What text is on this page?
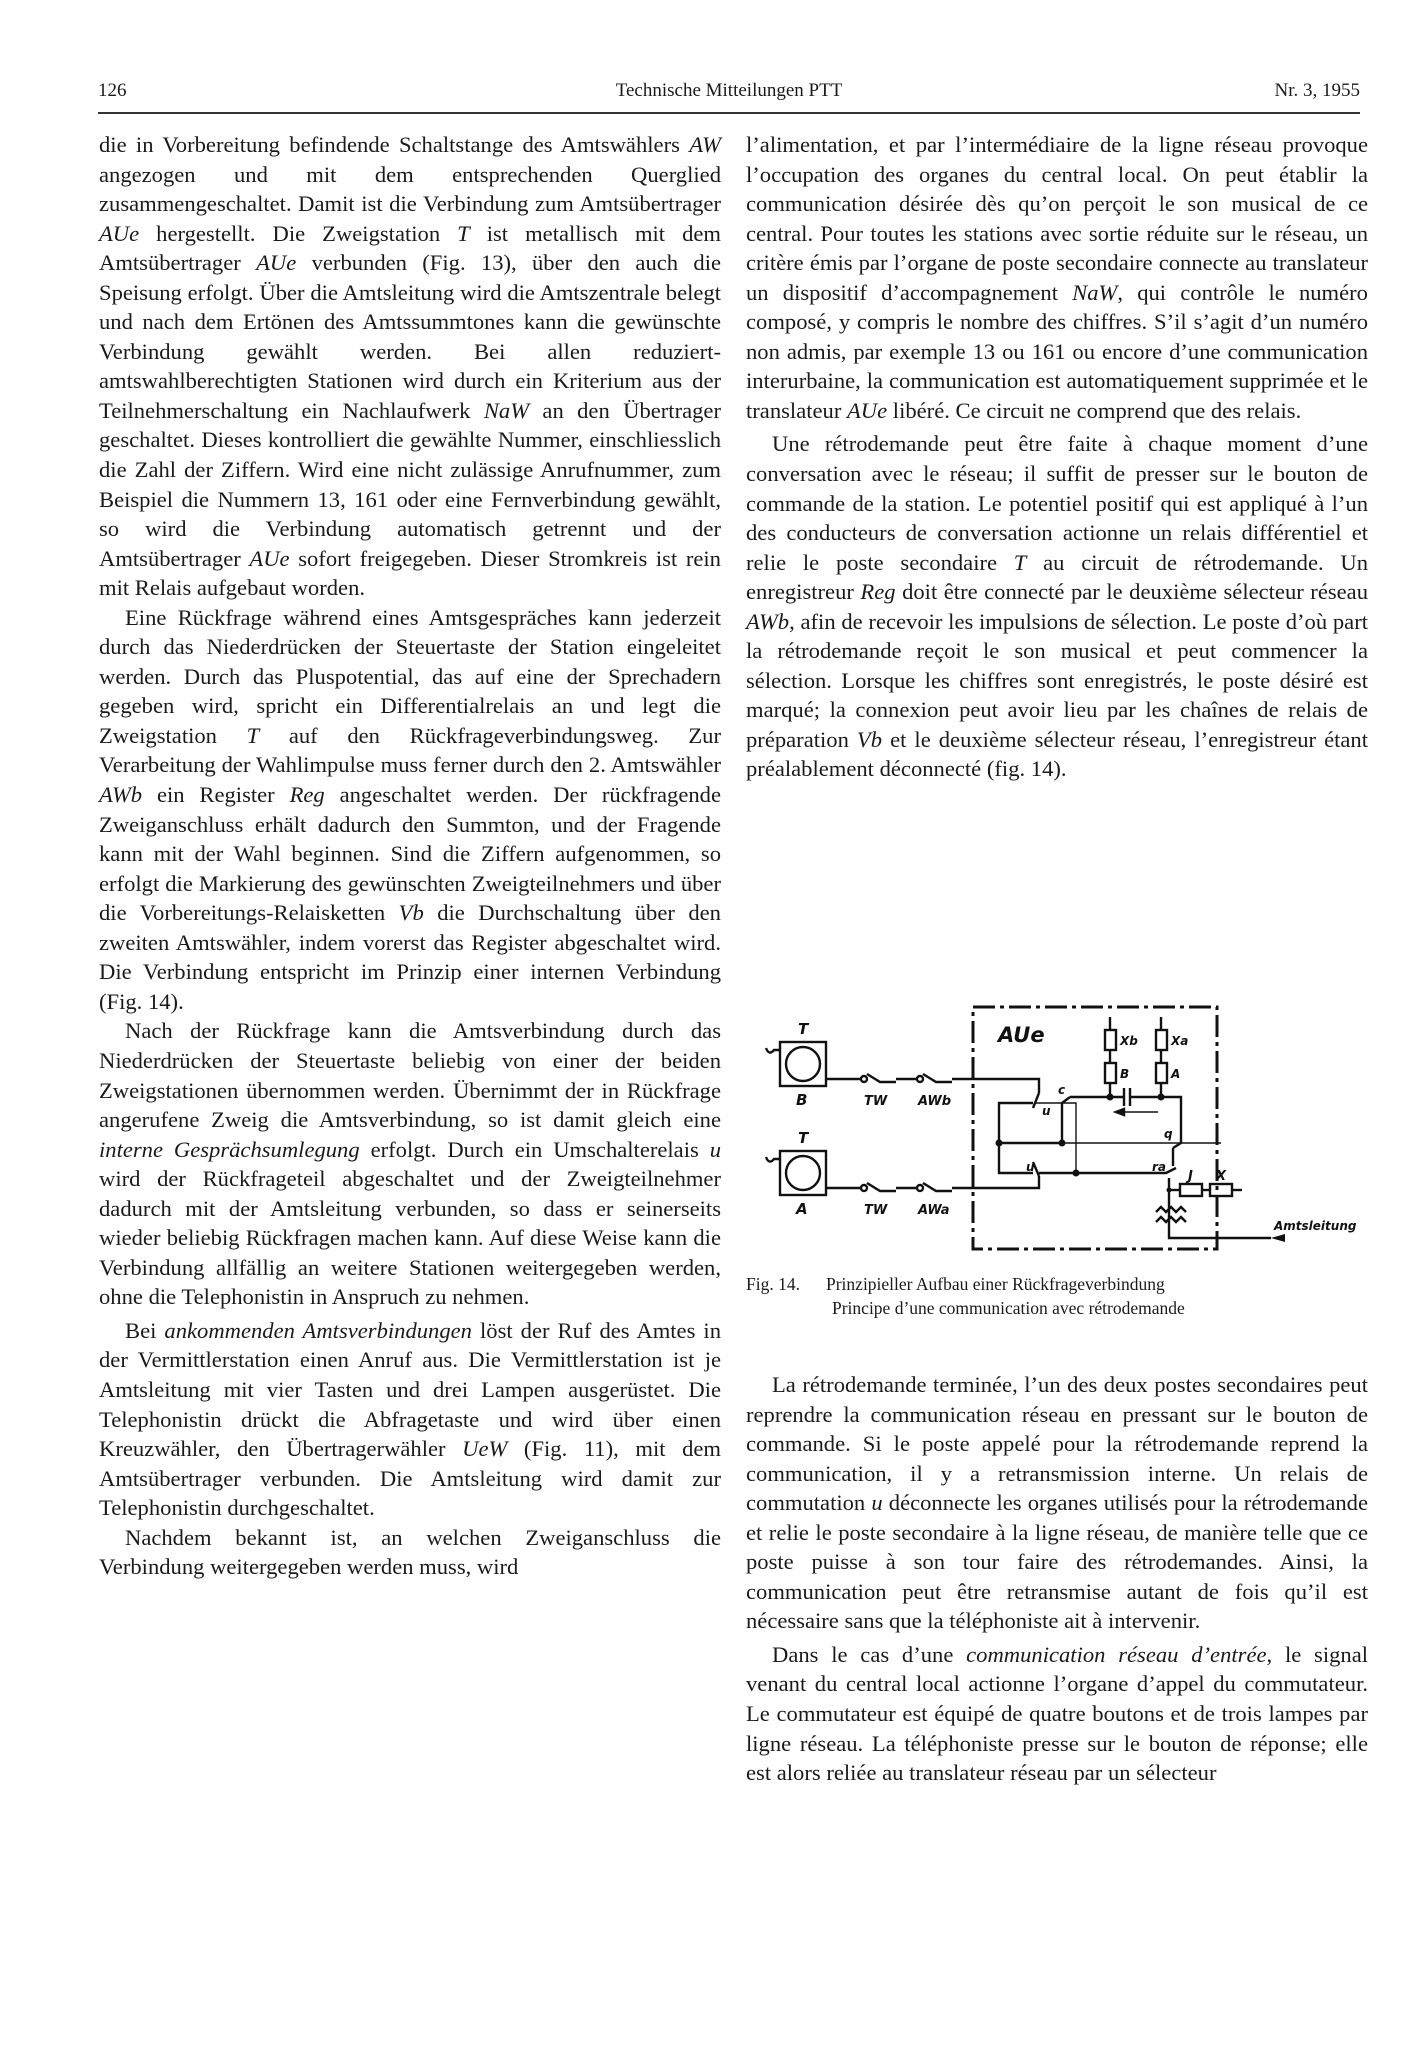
126	Technische Mitteilungen PTT	Nr. 3, 1955

die in Vorbereitung befindende Schaltstange des Amtswählers AW angezogen und mit dem entsprechenden Querglied zusammengeschaltet. Damit ist die Verbindung zum Amtsübertrager AUe hergestellt. Die Zweigstation T ist metallisch mit dem Amtsübertrager AUe verbunden (Fig. 13), über den auch die Speisung erfolgt. Über die Amtsleitung wird die Amtszentrale belegt und nach dem Ertönen des Amtssummtones kann die gewünschte Verbindung gewählt werden. Bei allen reduziert-amtswahlberechtigten Stationen wird durch ein Kriterium aus der Teilnehmerschaltung ein Nachlaufwerk NaW an den Übertrager geschaltet. Dieses kontrolliert die gewählte Nummer, einschliesslich die Zahl der Ziffern. Wird eine nicht zulässige Anrufnummer, zum Beispiel die Nummern 13, 161 oder eine Fernverbindung gewählt, so wird die Verbindung automatisch getrennt und der Amtsübertrager AUe sofort freigegeben. Dieser Stromkreis ist rein mit Relais aufgebaut worden.

Eine Rückfrage während eines Amtsgespräches kann jederzeit durch das Niederdrücken der Steuertaste der Station eingeleitet werden. Durch das Pluspotential, das auf eine der Sprechadern gegeben wird, spricht ein Differentialrelais an und legt die Zweigstation T auf den Rückfrageverbindungsweg. Zur Verarbeitung der Wahlimpulse muss ferner durch den 2. Amtswähler AWb ein Register Reg angeschaltet werden. Der rückfragende Zweiganschluss erhält dadurch den Summton, und der Fragende kann mit der Wahl beginnen. Sind die Ziffern aufgenommen, so erfolgt die Markierung des gewünschten Zweigteilnehmers und über die Vorbereitungs-Relaisketten Vb die Durchschaltung über den zweiten Amtswähler, indem vorerst das Register abgeschaltet wird. Die Verbindung entspricht im Prinzip einer internen Verbindung (Fig. 14).

Nach der Rückfrage kann die Amtsverbindung durch das Niederdrücken der Steuertaste beliebig von einer der beiden Zweigstationen übernommen werden. Übernimmt der in Rückfrage angerufene Zweig die Amtsverbindung, so ist damit gleich eine interne Gesprächsumlegung erfolgt. Durch ein Umschalterelais u wird der Rückfrageteil abgeschaltet und der Zweigteilnehmer dadurch mit der Amtsleitung verbunden, so dass er seinerseits wieder beliebig Rückfragen machen kann. Auf diese Weise kann die Verbindung allfällig an weitere Stationen weitergegeben werden, ohne die Telephonistin in Anspruch zu nehmen.

Bei ankommenden Amtsverbindungen löst der Ruf des Amtes in der Vermittlerstation einen Anruf aus. Die Vermittlerstation ist je Amtsleitung mit vier Tasten und drei Lampen ausgerüstet. Die Telephonistin drückt die Abfragetaste und wird über einen Kreuzwähler, den Übertragerwähler UeW (Fig. 11), mit dem Amtsübertrager verbunden. Die Amtsleitung wird damit zur Telephonistin durchgeschaltet.

Nachdem bekannt ist, an welchen Zweiganschluss die Verbindung weitergegeben werden muss, wird

l’alimentation, et par l’intermédiaire de la ligne réseau provoque l’occupation des organes du central local. On peut établir la communication désirée dès qu’on perçoit le son musical de ce central. Pour toutes les stations avec sortie réduite sur le réseau, un critère émis par l’organe de poste secondaire connecte au translateur un dispositif d’accompagnement NaW, qui contrôle le numéro composé, y compris le nombre des chiffres. S’il s’agit d’un numéro non admis, par exemple 13 ou 161 ou encore d’une communication interurbaine, la communication est automatiquement supprimée et le translateur AUe libéré. Ce circuit ne comprend que des relais.

Une rétrodemande peut être faite à chaque moment d’une conversation avec le réseau; il suffit de presser sur le bouton de commande de la station. Le potentiel positif qui est appliqué à l’un des conducteurs de conversation actionne un relais différentiel et relie le poste secondaire T au circuit de rétrodemande. Un enregistreur Reg doit être connecté par le deuxième sélecteur réseau AWb, afin de recevoir les impulsions de sélection. Le poste d’où part la rétrodemande reçoit le son musical et peut commencer la sélection. Lorsque les chiffres sont enregistrés, le poste désiré est marqué; la connexion peut avoir lieu par les chaînes de relais de préparation Vb et le deuxième sélecteur réseau, l’enregistreur étant préalablement déconnecté (fig. 14).

T
B
T
A
TW AWb
TW AWa
AUe	Xb	Xa
B	A
u
u
c
q
ra
J X
Amtsleitung
Fig. 14. Prinzipieller Aufbau einer Rückfrageverbindung
Principe d’une communication avec rétrodemande

La rétrodemande terminée, l’un des deux postes secondaires peut reprendre la communication réseau en pressant sur le bouton de commande. Si le poste appelé pour la rétrodemande reprend la communication, il y a retransmission interne. Un relais de commutation u déconnecte les organes utilisés pour la rétrodemande et relie le poste secondaire à la ligne réseau, de manière telle que ce poste puisse à son tour faire des rétrodemandes. Ainsi, la communication peut être retransmise autant de fois qu’il est nécessaire sans que la téléphoniste ait à intervenir.

Dans le cas d’une communication réseau d’entrée, le signal venant du central local actionne l’organe d’appel du commutateur. Le commutateur est équipé de quatre boutons et de trois lampes par ligne réseau. La téléphoniste presse sur le bouton de réponse; elle est alors reliée au translateur réseau par un sélecteur
